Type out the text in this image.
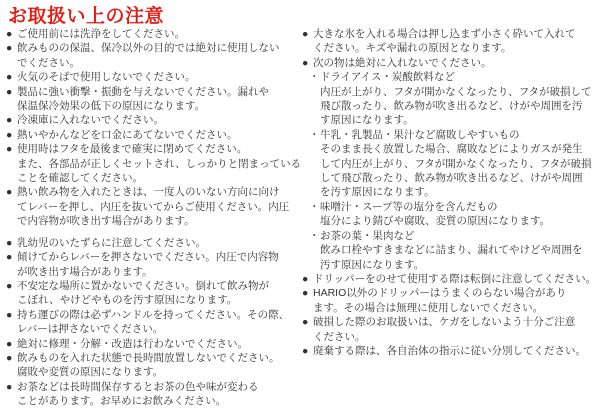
お取扱い上の注意
● ご使用前には洗浄をしてください。
● 飲みものの保温、保冷以外の目的では絶対に使用しない
でください。
● 火気のそばで使用しないでください。
● 製品に強い衝撃・振動を与えないでください。漏れや
保温保冷効果の低下の原因になります。
● 冷凍庫に入れないでください。
● 熱いやかんなどを口金にあてないでください。
● 使用時はフタを最後まで確実に閉めてください。
また、各部品が正しくセットされ、しっかりと閉まっている
ことを確認してください。
● 熱い飲み物を入れたときは、一度人のいない方向に向け
てレバーを押し、内圧を抜いてからご使用ください。内圧
で内容物が吹き出す場合があります。
● 乳幼児のいたずらに注意してください。
● 傾けてからレバーを押さないでください。内圧で内容物
が吹き出す場合があります。
● 不安定な場所に置かないでください。倒れて飲み物が
こぼれ、やけどやものを汚す原因になります。
● 持ち運びの際は必ずハンドルを持ってください。その際、
レバーは押さないでください。
● 絶対に修理・分解・改造は行わないでください。
● 飲みものを入れた状態で長時間放置しないでください。
腐敗や変質の原因になります。
● お茶などは長時間保存するとお茶の色や味が変わる
ことがあります。お早めにお飲みください。
● 大きな氷を入れる場合は押し込まず小さく砕いて入れて
ください。キズや漏れの原因となります。
● 次の物は絶対に入れないでください。
・ ドライアイス・炭酸飲料など
内圧が上がり、フタが開かなくなったり、フタが破損して
飛び散ったり、飲み物が吹き出るなど、けがや周囲を汚
す原因になります。
・ 牛乳・乳製品・果汁など腐敗しやすいもの
そのまま長く放置した場合、腐敗などによりガスが発生
して内圧が上がり、フタが開かなくなったり、フタが破損
して飛び散ったり、飲み物が吹き出るなど、けがや周囲
を汚す原因になります。
・ 味噌汁・スープ等の塩分を含んだもの
塩分により錆びや腐敗、変質の原因になります。
・ お茶の葉・果肉など
飲み口栓やすきまなどに詰まり、漏れてやけどや周囲を
汚す原因になります。
● ドリッパーをのせて使用する際は転倒に注意してください。
● HARIO以外のドリッパーはうまくのらない場合があり
ます。その場合は無理に使用しないでください。
● 破損した際のお取扱いは、ケガをしないよう十分ご注意
ください。
● 廃棄する際は、各自治体の指示に従い分別してください。
